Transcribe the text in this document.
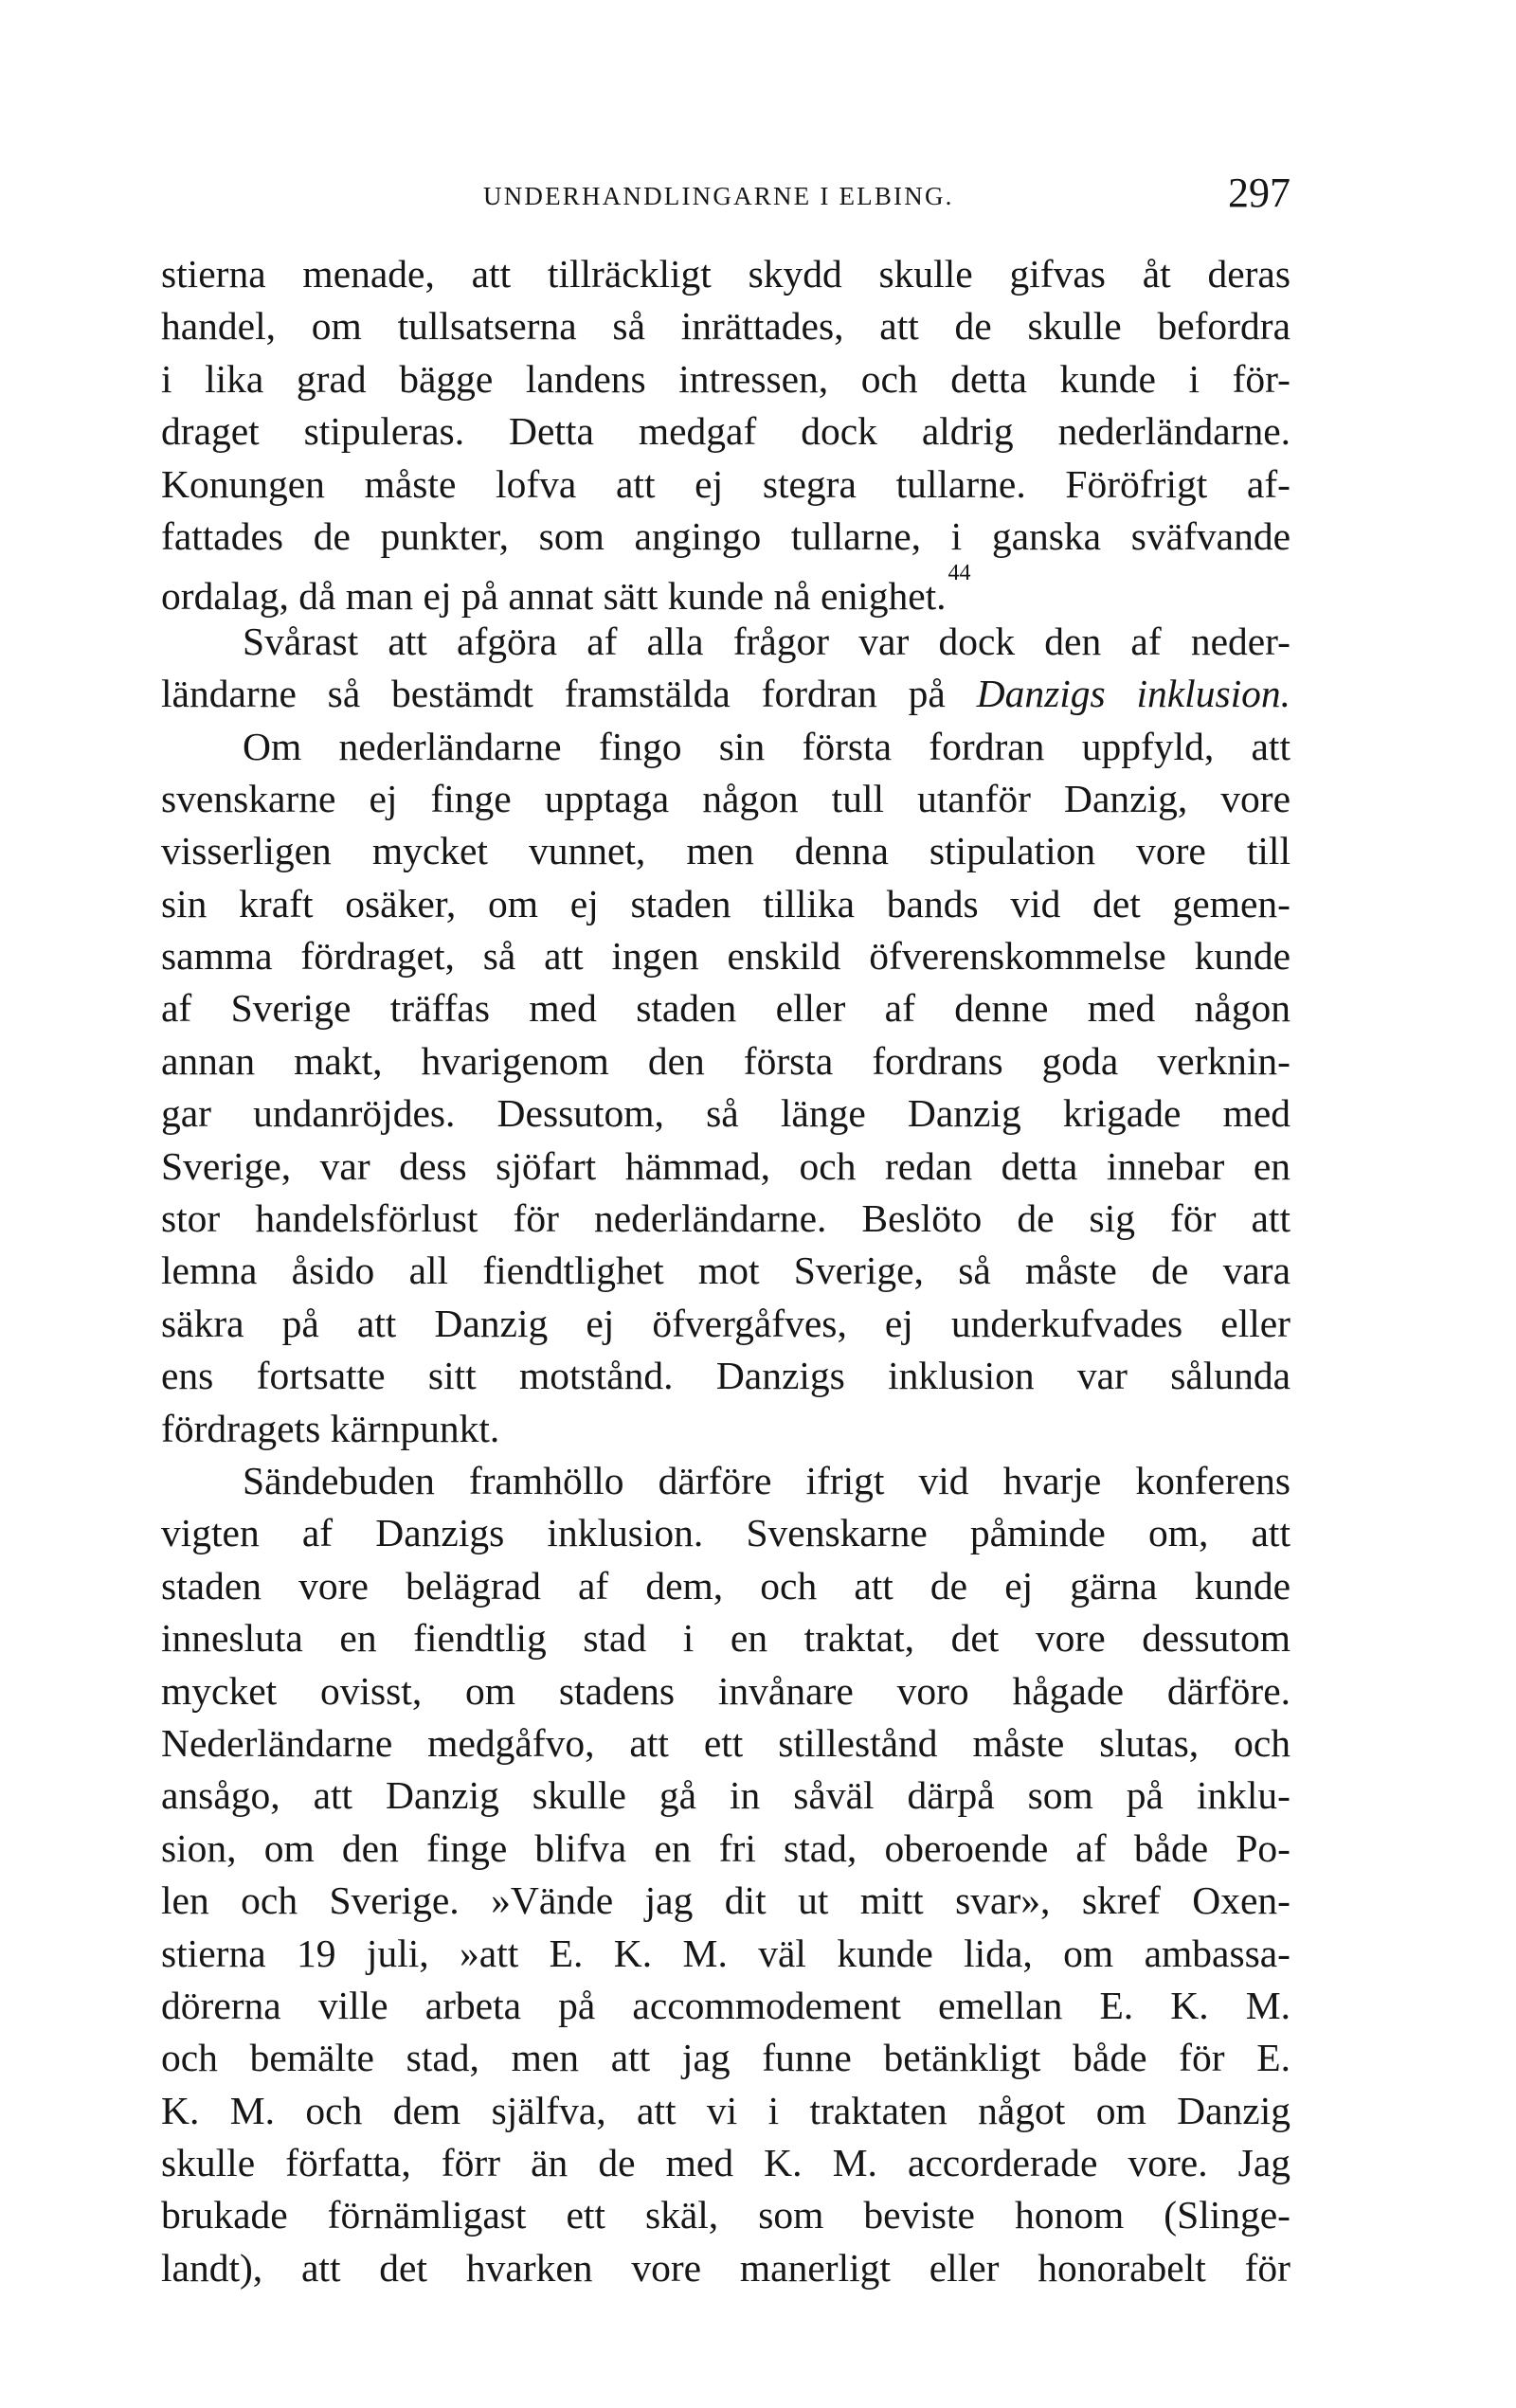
UNDERHANDLINGARNE I ELBING.	297
stierna menade, att tillräckligt skydd skulle gifvas åt deras
handel, om tullsatserna så inrättades, att de skulle befordra
i lika grad bägge landens intressen, och detta kunde i för-
draget stipuleras. Detta medgaf dock aldrig nederländarne.
Konungen måste lofva att ej stegra tullarne. Föröfrigt af-
fattades de punkter, som angingo tullarne, i ganska sväfvande
ordalag, då man ej på annat sätt kunde nå enighet.$^{44}$
Svårast att afgöra af alla frågor var dock den af neder-
ländarne så bestämdt framstälda fordran på Danzigs inklusion.
Om nederländarne fingo sin första fordran uppfyld, att
svenskarne ej finge upptaga någon tull utanför Danzig, vore
visserligen mycket vunnet, men denna stipulation vore till
sin kraft osäker, om ej staden tillika bands vid det gemen-
samma fördraget, så att ingen enskild öfverenskommelse kunde
af Sverige träffas med staden eller af denne med någon
annan makt, hvarigenom den första fordrans goda verknin-
gar undanröjdes. Dessutom, så länge Danzig krigade med
Sverige, var dess sjöfart hämmad, och redan detta innebar en
stor handelsförlust för nederländarne. Beslöto de sig för att
lemna åsido all fiendtlighet mot Sverige, så måste de vara
säkra på att Danzig ej öfvergåfves, ej underkufvades eller
ens fortsatte sitt motstånd. Danzigs inklusion var sålunda
fördragets kärnpunkt.
Sändebuden framhöllo därföre ifrigt vid hvarje konferens
vigten af Danzigs inklusion. Svenskarne påminde om, att
staden vore belägrad af dem, och att de ej gärna kunde
innesluta en fiendtlig stad i en traktat, det vore dessutom
mycket ovisst, om stadens invånare voro hågade därföre.
Nederländarne medgåfvo, att ett stillestånd måste slutas, och
ansågo, att Danzig skulle gå in såväl därpå som på inklu-
sion, om den finge blifva en fri stad, oberoende af både Po-
len och Sverige. »Vände jag dit ut mitt svar», skref Oxen-
stierna 19 juli, »att E. K. M. väl kunde lida, om ambassa-
dörerna ville arbeta på accommodement emellan E. K. M.
och bemälte stad, men att jag funne betänkligt både för E.
K. M. och dem själfva, att vi i traktaten något om Danzig
skulle författa, förr än de med K. M. accorderade vore. Jag
brukade förnämligast ett skäl, som beviste honom (Slinge-
landt), att det hvarken vore manerligt eller honorabelt för
